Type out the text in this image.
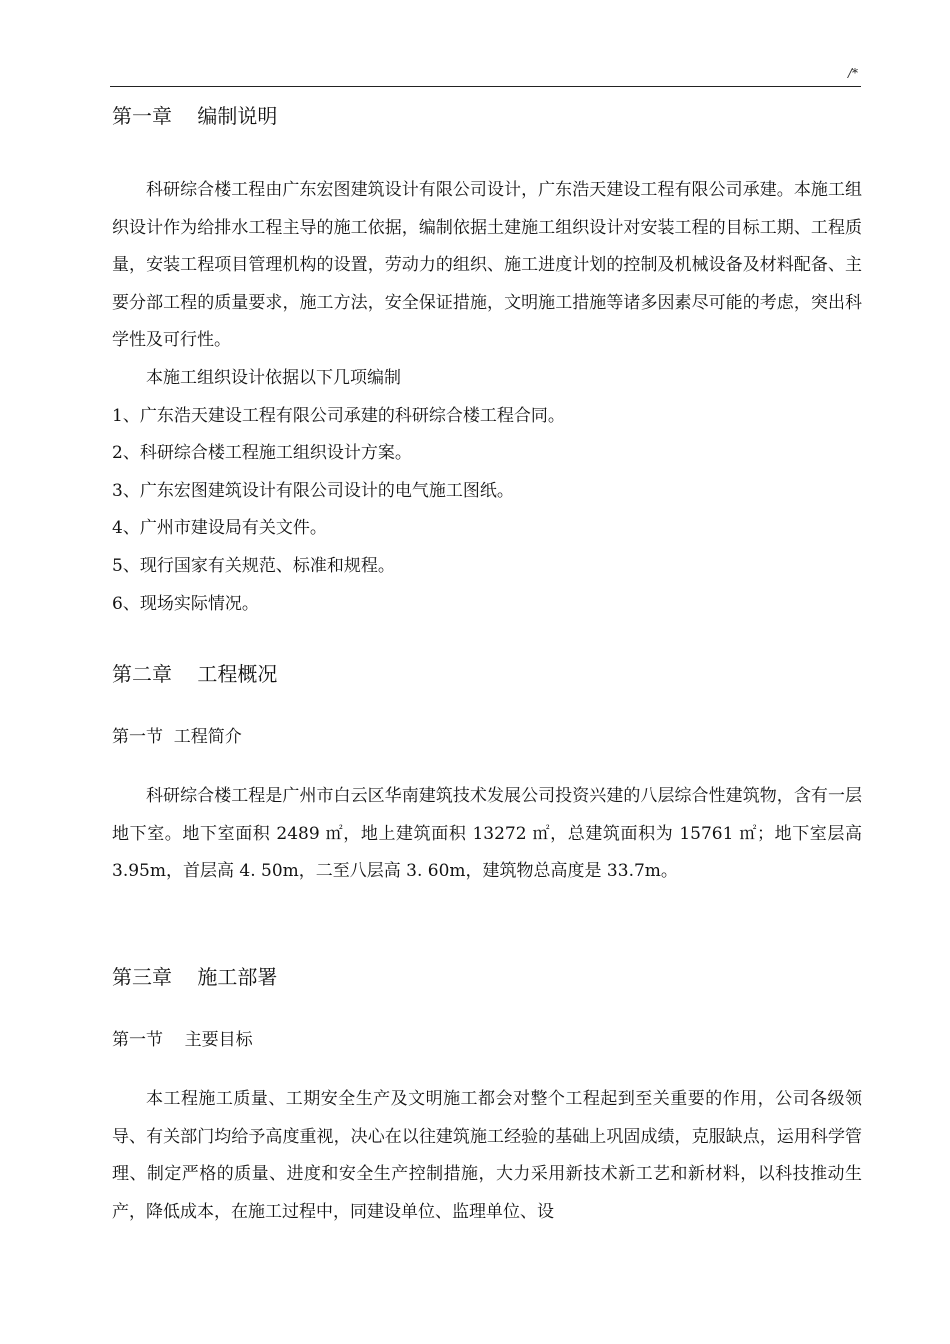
/*
第一章    编制说明

科研综合楼工程由广东宏图建筑设计有限公司设计，广东浩天建设工程有限公司承建。本施工组织设计作为给排水工程主导的施工依据，编制依据土建施工组织设计对安装工程的目标工期、工程质量，安装工程项目管理机构的设置，劳动力的组织、施工进度计划的控制及机械设备及材料配备、主要分部工程的质量要求，施工方法，安全保证措施，文明施工措施等诸多因素尽可能的考虑，突出科学性及可行性。

本施工组织设计依据以下几项编制

1、广东浩天建设工程有限公司承建的科研综合楼工程合同。

2、科研综合楼工程施工组织设计方案。

3、广东宏图建筑设计有限公司设计的电气施工图纸。

4、广州市建设局有关文件。

5、现行国家有关规范、标准和规程。

6、现场实际情况。

第二章    工程概况
第一节  工程简介

科研综合楼工程是广州市白云区华南建筑技术发展公司投资兴建的八层综合性建筑物，含有一层地下室。地下室面积 2489 ㎡，地上建筑面积 13272 ㎡，总建筑面积为 15761 ㎡；地下室层高 3.95m，首层高 4. 50m，二至八层高 3. 60m，建筑物总高度是 33.7m。

第三章    施工部署
第一节    主要目标

本工程施工质量、工期安全生产及文明施工都会对整个工程起到至关重要的作用，公司各级领导、有关部门均给予高度重视，决心在以往建筑施工经验的基础上巩固成绩，克服缺点，运用科学管理、制定严格的质量、进度和安全生产控制措施，大力采用新技术新工艺和新材料，以科技推动生产，降低成本，在施工过程中，同建设单位、监理单位、设
